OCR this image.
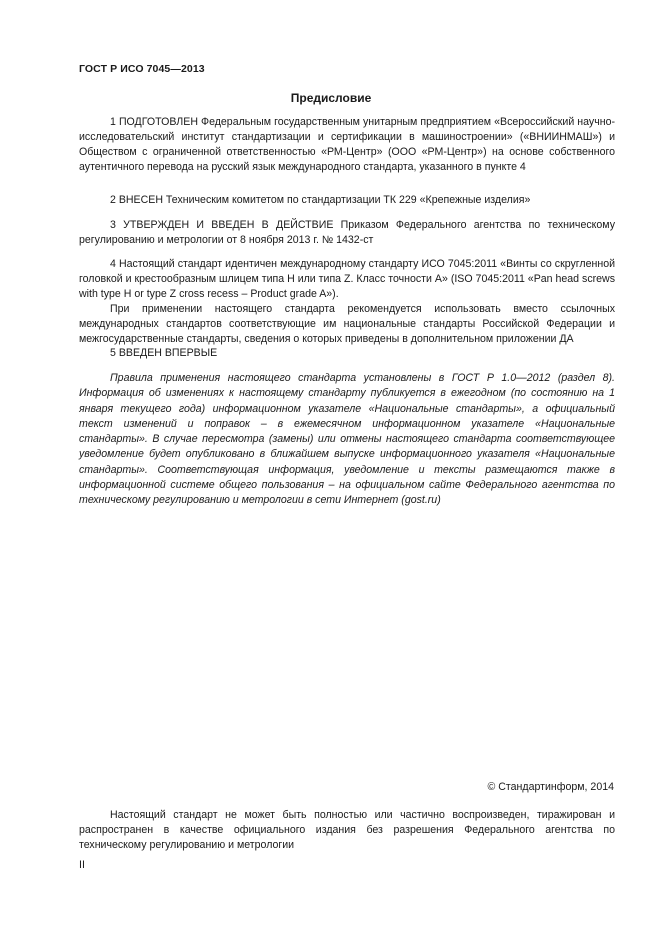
ГОСТ Р ИСО 7045—2013
Предисловие

1 ПОДГОТОВЛЕН Федеральным государственным унитарным предприятием «Всероссийский научно-исследовательский институт стандартизации и сертификации в машиностроении» («ВНИИНМАШ») и Обществом с ограниченной ответственностью «РМ-Центр» (ООО «РМ-Центр») на основе собственного аутентичного перевода на русский язык международного стандарта, указанного в пункте 4

2 ВНЕСЕН Техническим комитетом по стандартизации ТК 229 «Крепежные изделия»

3 УТВЕРЖДЕН И ВВЕДЕН В ДЕЙСТВИЕ Приказом Федерального агентства по техническому регулированию и метрологии от 8 ноября 2013 г. № 1432-ст

4 Настоящий стандарт идентичен международному стандарту ИСО 7045:2011 «Винты со скругленной головкой и крестообразным шлицем типа Н или типа Z. Класс точности А» (ISO 7045:2011 «Pan head screws with type H or type Z cross recess – Product grade A»).

При применении настоящего стандарта рекомендуется использовать вместо ссылочных международных стандартов соответствующие им национальные стандарты Российской Федерации и межгосударственные стандарты, сведения о которых приведены в дополнительном приложении ДА

5 ВВЕДЕН ВПЕРВЫЕ

Правила применения настоящего стандарта установлены в ГОСТ Р 1.0—2012 (раздел 8). Информация об изменениях к настоящему стандарту публикуется в ежегодном (по состоянию на 1 января текущего года) информационном указателе «Национальные стандарты», а официальный текст изменений и поправок – в ежемесячном информационном указателе «Национальные стандарты». В случае пересмотра (замены) или отмены настоящего стандарта соответствующее уведомление будет опубликовано в ближайшем выпуске информационного указателя «Национальные стандарты». Соответствующая информация, уведомление и тексты размещаются также в информационной системе общего пользования – на официальном сайте Федерального агентства по техническому регулированию и метрологии в сети Интернет (gost.ru)

© Стандартинформ, 2014

Настоящий стандарт не может быть полностью или частично воспроизведен, тиражирован и распространен в качестве официального издания без разрешения Федерального агентства по техническому регулированию и метрологии

II
